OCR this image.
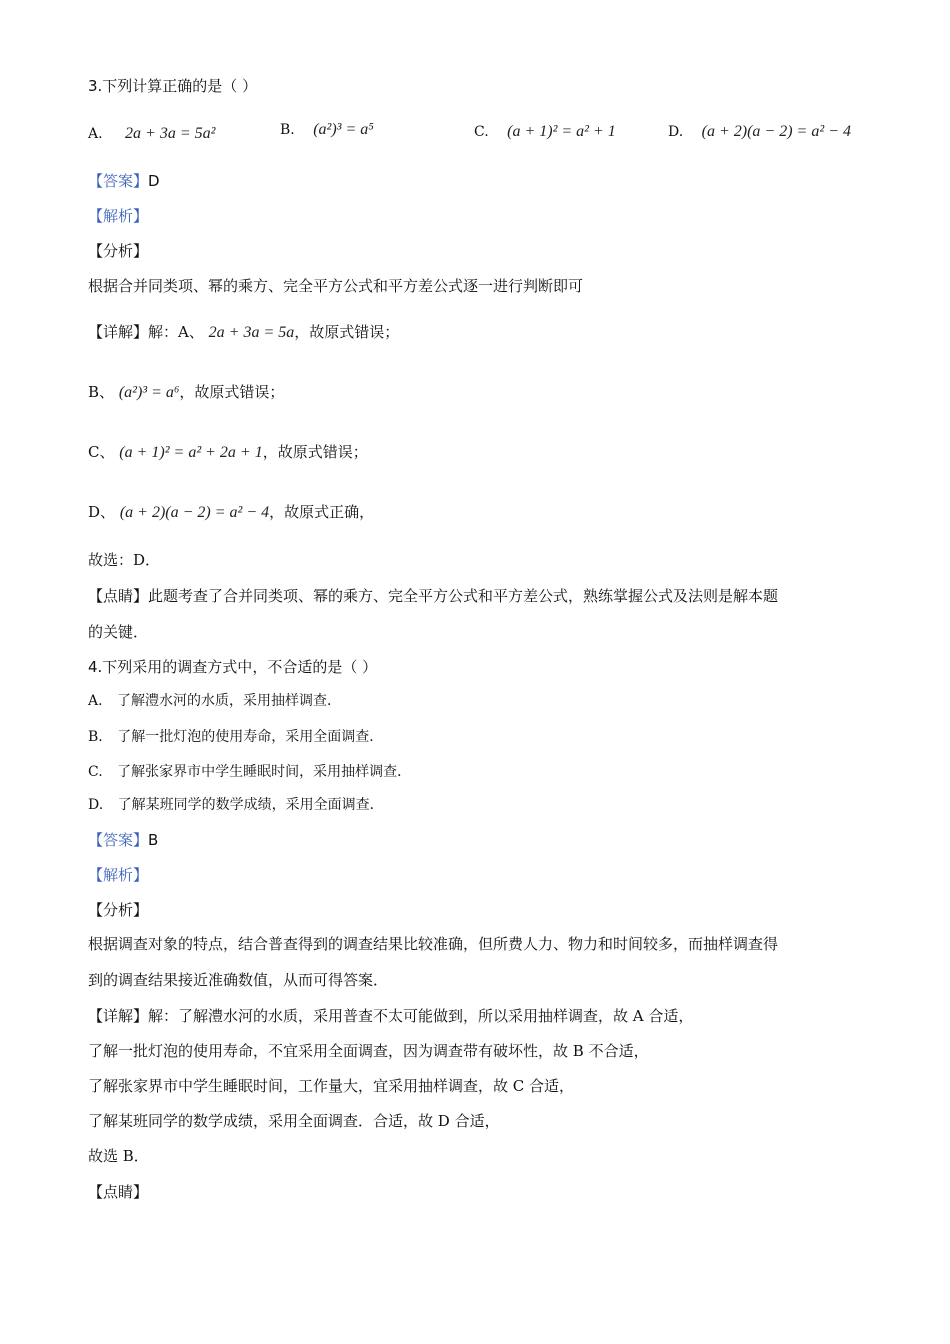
3.下列计算正确的是（ ）
A. 2a + 3a = 5a²	B. (a²)³ = a⁵	C. (a + 1)² = a² + 1	D. (a + 2)(a − 2) = a² − 4
【答案】D
【解析】
【分析】
根据合并同类项、幂的乘方、完全平方公式和平方差公式逐一进行判断即可
【详解】解：A、 2a + 3a = 5a，故原式错误；
B、 (a²)³ = a⁶，故原式错误；
C、 (a + 1)² = a² + 2a + 1，故原式错误；
D、 (a + 2)(a − 2) = a² − 4，故原式正确，
故选：D．
【点睛】此题考查了合并同类项、幂的乘方、完全平方公式和平方差公式，熟练掌握公式及法则是解本题
的关键．
4.下列采用的调查方式中，不合适的是（ ）
A. 了解澧水河的水质，采用抽样调查．
B. 了解一批灯泡的使用寿命，采用全面调查．
C. 了解张家界市中学生睡眠时间，采用抽样调查．
D. 了解某班同学的数学成绩，采用全面调查．
【答案】B
【解析】
【分析】
根据调查对象的特点，结合普查得到的调查结果比较准确，但所费人力、物力和时间较多，而抽样调查得
到的调查结果接近准确数值，从而可得答案．
【详解】解：了解澧水河的水质，采用普查不太可能做到，所以采用抽样调查，故 A 合适，
了解一批灯泡的使用寿命，不宜采用全面调查，因为调查带有破坏性，故 B 不合适，
了解张家界市中学生睡眠时间，工作量大，宜采用抽样调查，故 C 合适，
了解某班同学的数学成绩，采用全面调查．合适，故 D 合适，
故选 B．
【点睛】
